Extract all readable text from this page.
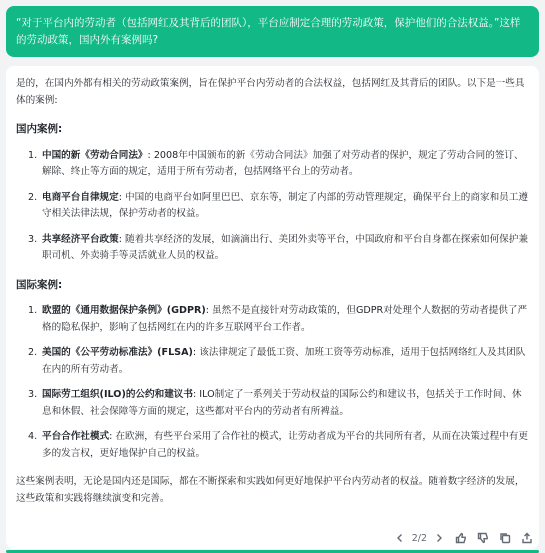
“对于平台内的劳动者（包括网红及其背后的团队），平台应制定合理的劳动政策，保护他们的合法权益。”这样的劳动政策，国内外有案例吗?

是的，在国内外都有相关的劳动政策案例，旨在保护平台内劳动者的合法权益，包括网红及其背后的团队。以下是一些具体的案例:

国内案例:
1. 中国的新《劳动合同法》: 2008年中国颁布的新《劳动合同法》加强了对劳动者的保护，规定了劳动合同的签订、解除、终止等方面的规定，适用于所有劳动者，包括网络平台上的劳动者。
2. 电商平台自律规定: 中国的电商平台如阿里巴巴、京东等，制定了内部的劳动管理规定，确保平台上的商家和员工遵守相关法律法规，保护劳动者的权益。
3. 共享经济平台政策: 随着共享经济的发展，如滴滴出行、美团外卖等平台，中国政府和平台自身都在探索如何保护兼职司机、外卖骑手等灵活就业人员的权益。
国际案例:
1. 欧盟的《通用数据保护条例》(GDPR): 虽然不是直接针对劳动政策的，但GDPR对处理个人数据的劳动者提供了严格的隐私保护，影响了包括网红在内的许多互联网平台工作者。
2. 美国的《公平劳动标准法》(FLSA): 该法律规定了最低工资、加班工资等劳动标准，适用于包括网络红人及其团队在内的所有劳动者。
3. 国际劳工组织(ILO)的公约和建议书: ILO制定了一系列关于劳动权益的国际公约和建议书，包括关于工作时间、休息和休假、社会保障等方面的规定，这些都对平台内的劳动者有所裨益。
4. 平台合作社模式: 在欧洲，有些平台采用了合作社的模式，让劳动者成为平台的共同所有者，从而在决策过程中有更多的发言权，更好地保护自己的权益。

这些案例表明，无论是国内还是国际，都在不断探索和实践如何更好地保护平台内劳动者的权益。随着数字经济的发展，这些政策和实践将继续演变和完善。

2/2
